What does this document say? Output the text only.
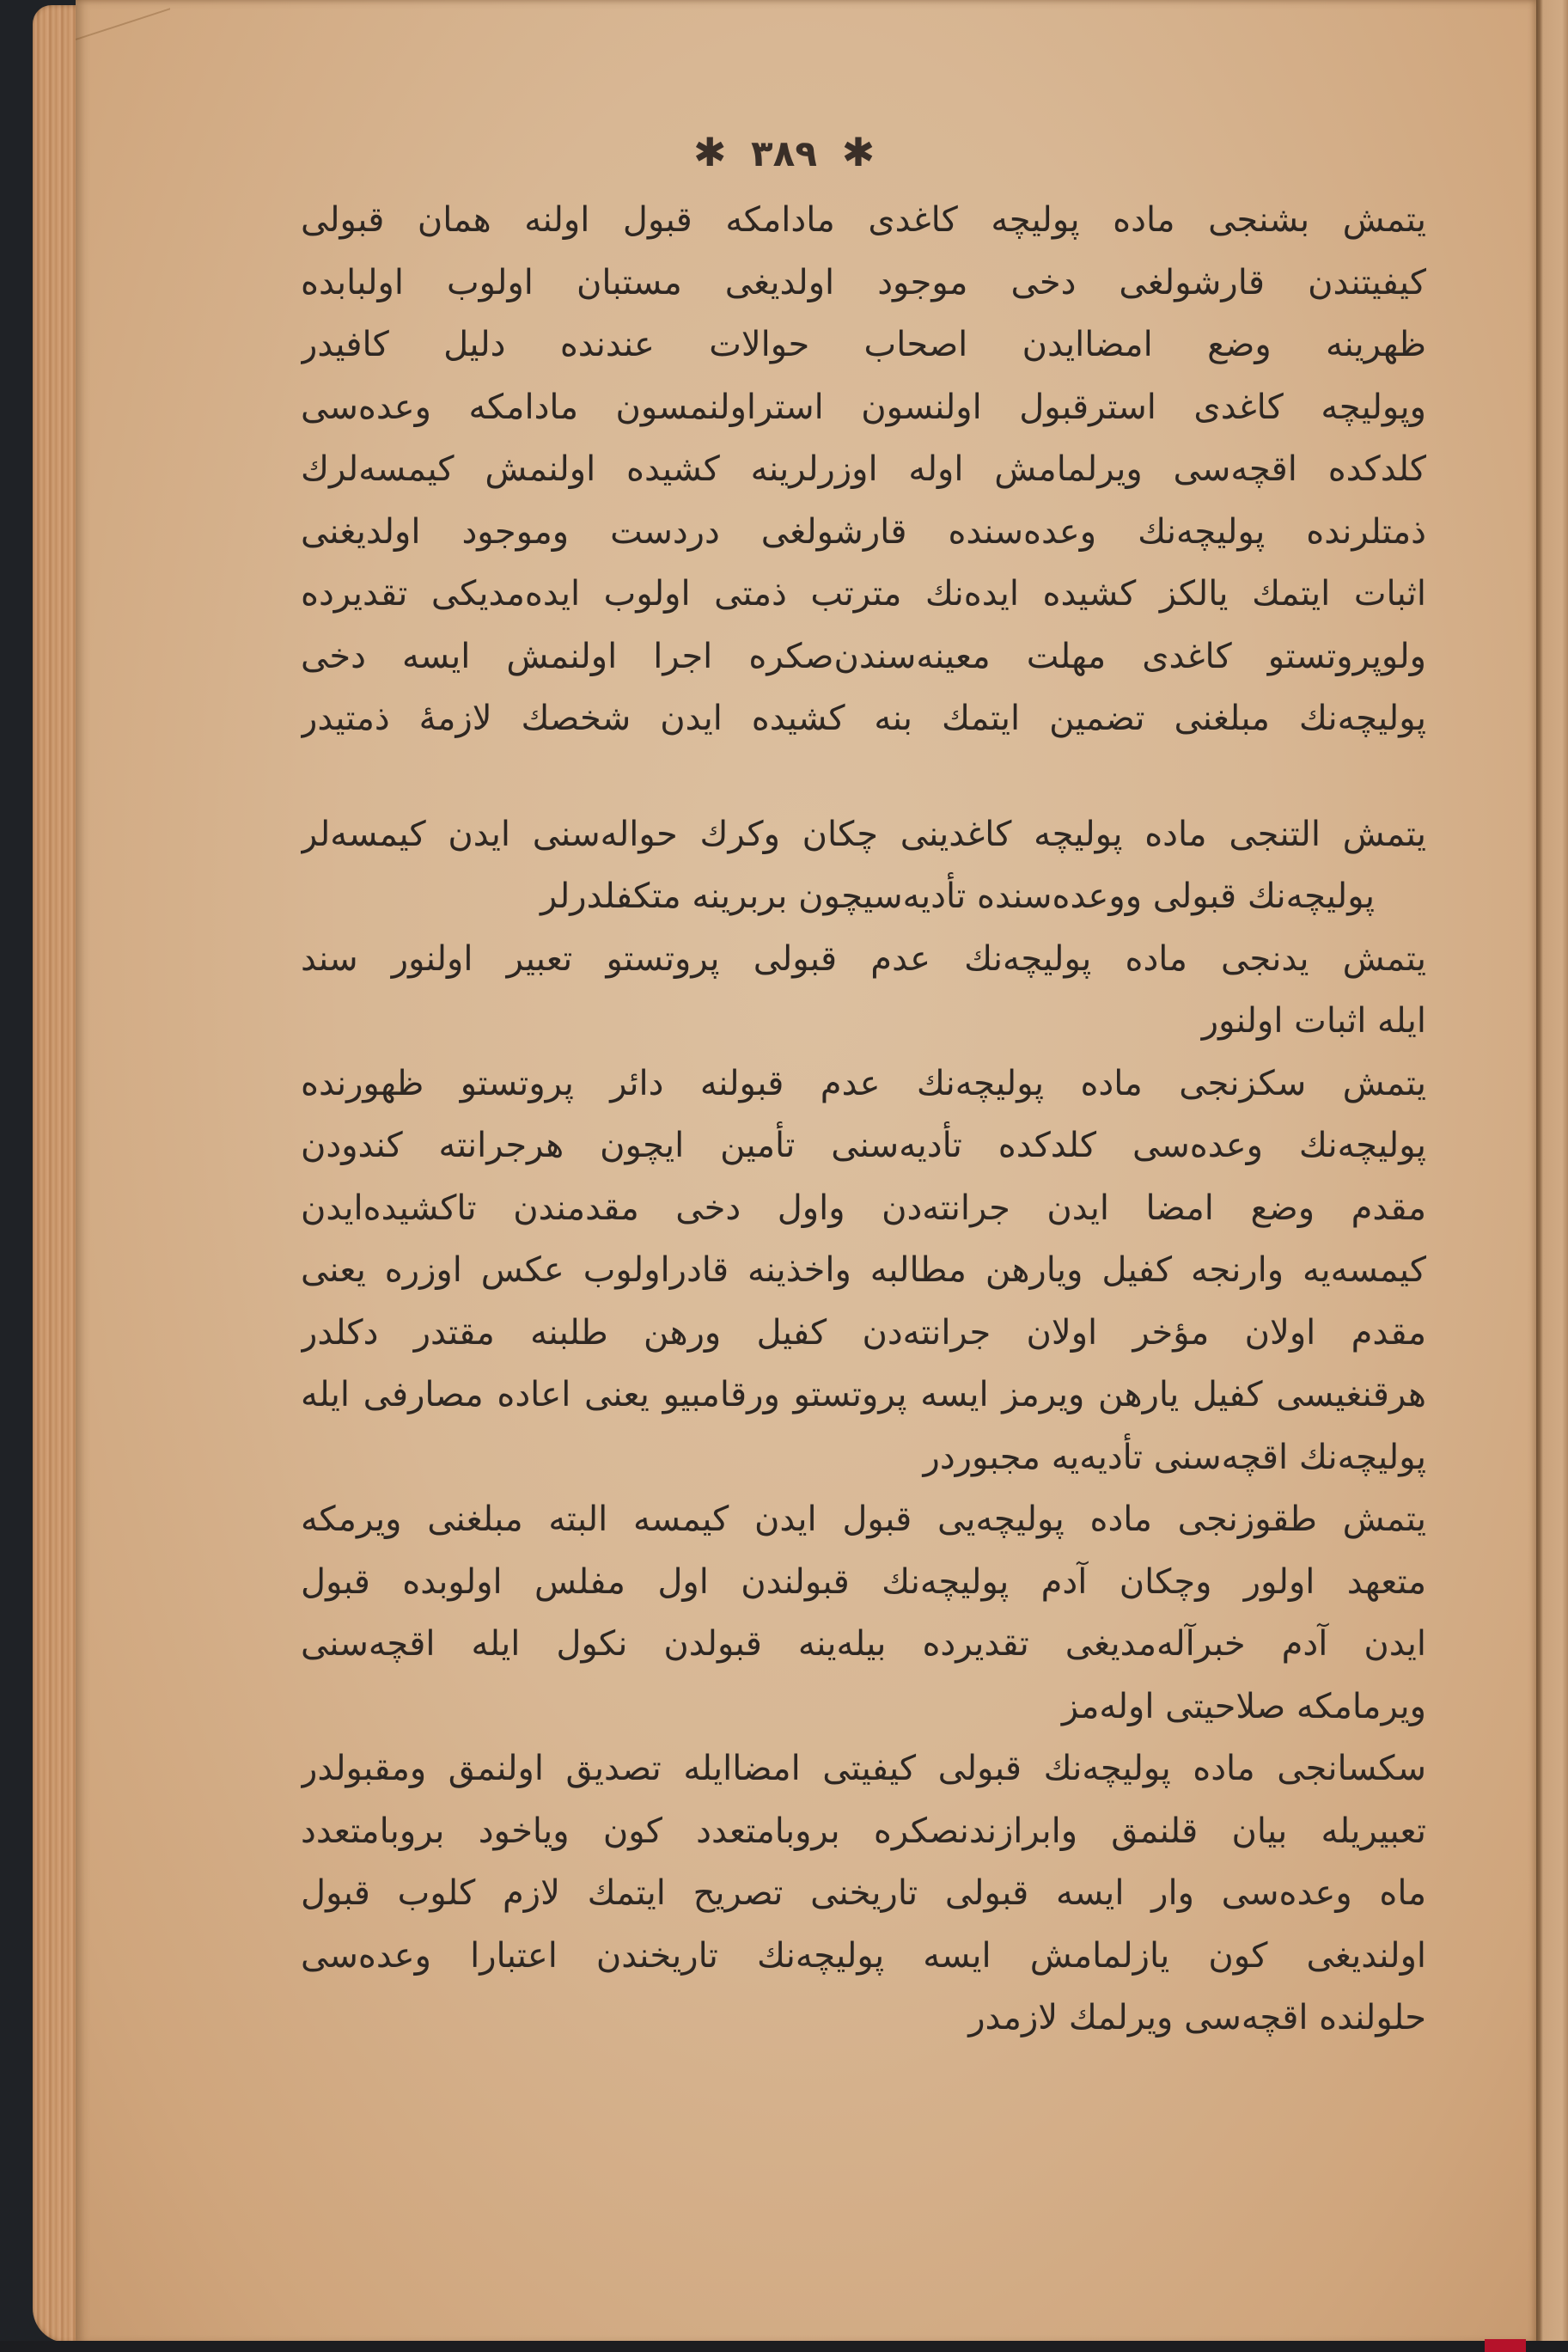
✱ ٣٨٩ ✱
یتمش بشنجی ماده پولیچه کاغدی مادامکه قبول اولنه همان قبولی
کیفیتندن قارشولغی دخی موجود اولدیغی مستبان اولوب اولبابده
ظهرینه وضع امضاایدن اصحاب حوالات عندنده دلیل کافیدر
وپولیچه کاغدی استرقبول اولنسون استراولنمسون مادامکه وعده‌سی
کلدکده اقچه‌سی ویرلمامش اوله اوزرلرینه کشیده اولنمش کیمسه‌لرك
ذمتلرنده پولیچه‌نك وعده‌سنده قارشولغی دردست وموجود اولدیغنی
اثبات ایتمك یالکز کشیده ایده‌نك مترتب ذمتی اولوب ایده‌مدیکی تقدیرده
ولوپروتستو کاغدی مهلت معینه‌سندن‌صکره اجرا اولنمش ایسه دخی
پولیچه‌نك مبلغنی تضمین ایتمك بنه کشیده ایدن شخصك لازمهٔ ذمتیدر
یتمش التنجی ماده پولیچه کاغدینی چکان وکرك حواله‌سنی ایدن کیمسه‌لر
پولیچه‌نك قبولی ووعده‌سنده تأدیه‌سیچون بربرینه متکفلدرلر
یتمش یدنجی ماده پولیچه‌نك عدم قبولی پروتستو تعبیر اولنور سند
ایله اثبات اولنور
یتمش سکزنجی ماده پولیچه‌نك عدم قبولنه دائر پروتستو ظهورنده
پولیچه‌نك وعده‌سی کلدکده تأدیه‌سنی تأمین ایچون هرجرانته کندودن
مقدم وضع امضا ایدن جرانته‌دن واول دخی مقدمندن تاکشیده‌ایدن
کیمسه‌یه وارنجه کفیل ویارهن مطالبه واخذینه قادراولوب عکس اوزره یعنی
مقدم اولان مؤخر اولان جرانته‌دن کفیل ورهن طلبنه مقتدر دکلدر
هرقنغیسی کفیل یارهن ویرمز ایسه پروتستو ورقامبیو یعنی اعاده مصارفی ایله
پولیچه‌نك اقچه‌سنی تأدیه‌یه مجبوردر
یتمش طقوزنجی ماده پولیچه‌یی قبول ایدن کیمسه البته مبلغنی ویرمکه
متعهد اولور وچکان آدم پولیچه‌نك قبولندن اول مفلس اولوبده قبول
ایدن آدم خبرآله‌مدیغی تقدیرده بیله‌ینه قبولدن نکول ایله اقچه‌سنی
ویرمامکه صلاحیتی اوله‌مز
سکسانجی ماده پولیچه‌نك قبولی کیفیتی امضاایله تصدیق اولنمق ومقبولدر
تعبیریله بیان قلنمق وابرازندنصکره بروبامتعدد کون ویاخود بروبامتعدد
ماه وعده‌سی وار ایسه قبولی تاریخنی تصریح ایتمك لازم کلوب قبول
اولندیغی کون یازلمامش ایسه پولیچه‌نك تاریخندن اعتبارا وعده‌سی
حلولنده اقچه‌سی ویرلمك لازمدر
